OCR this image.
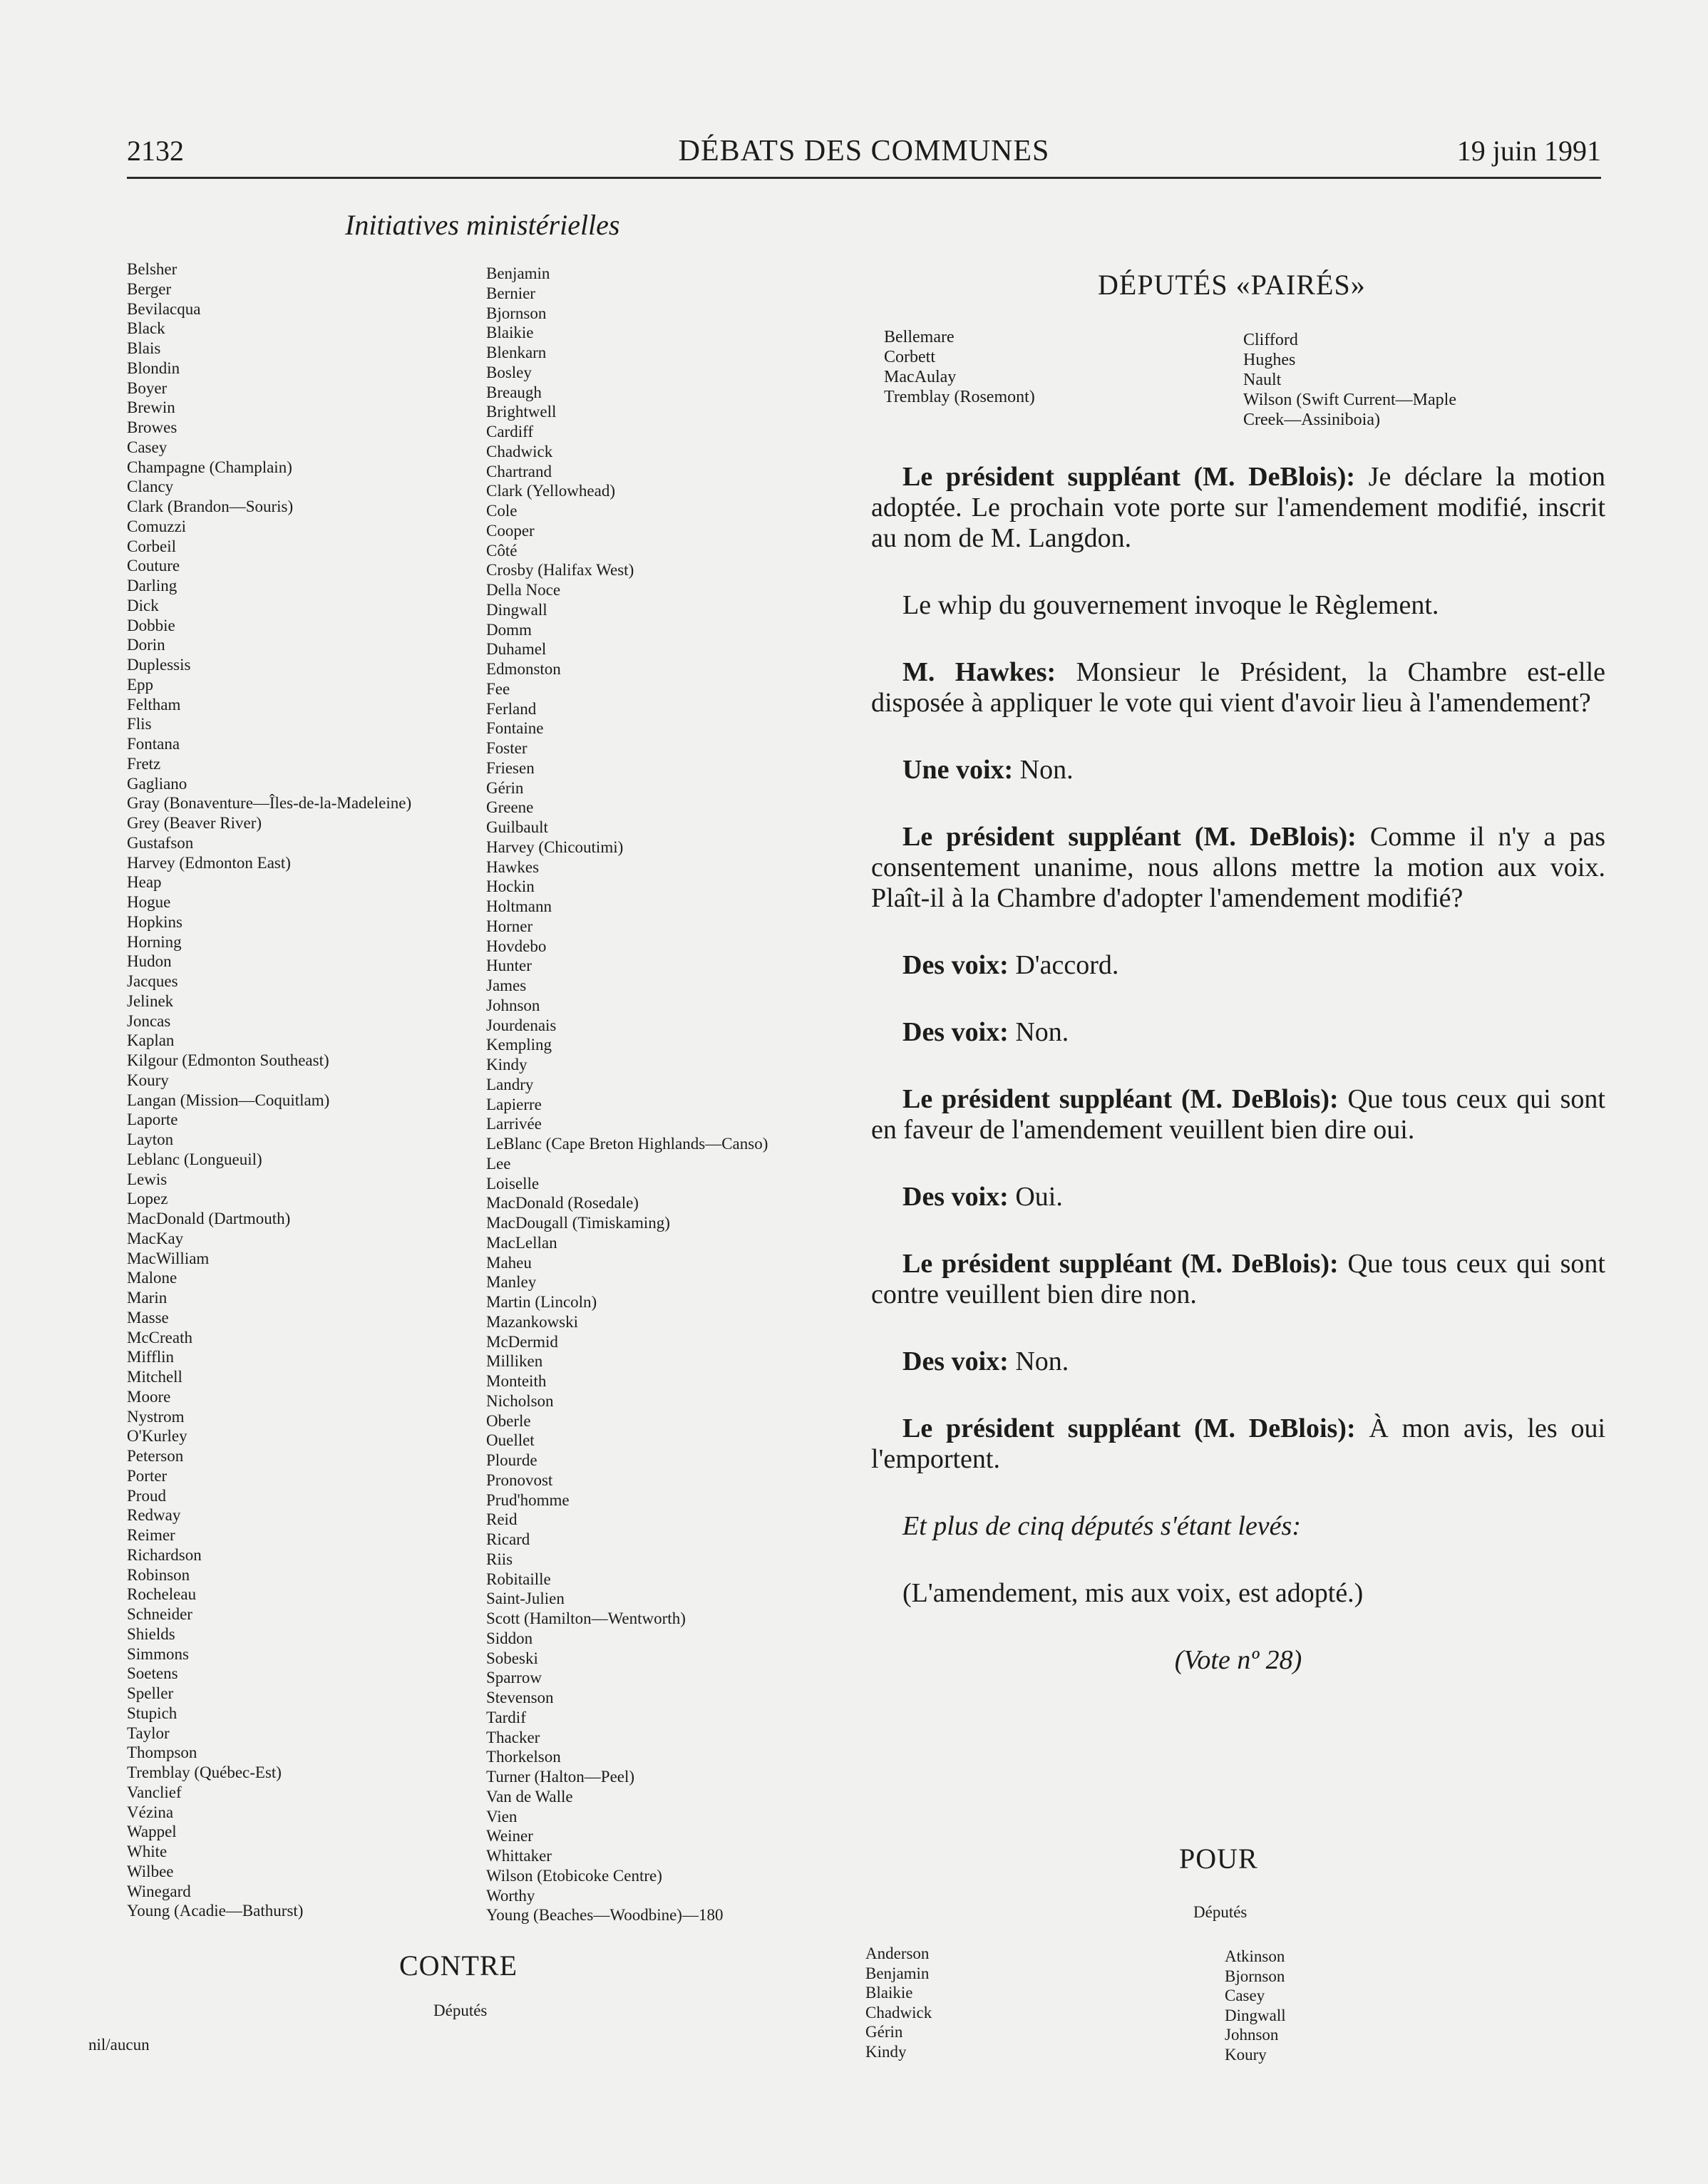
2132	DÉBATS DES COMMUNES	19 juin 1991
Initiatives ministérielles
Belsher
Berger
Bevilacqua
Black
Blais
Blondin
Boyer
Brewin
Browes
Casey
Champagne (Champlain)
Clancy
Clark (Brandon—Souris)
Comuzzi
Corbeil
Couture
Darling
Dick
Dobbie
Dorin
Duplessis
Epp
Feltham
Flis
Fontana
Fretz
Gagliano
Gray (Bonaventure—Îles-de-la-Madeleine)
Grey (Beaver River)
Gustafson
Harvey (Edmonton East)
Heap
Hogue
Hopkins
Horning
Hudon
Jacques
Jelinek
Joncas
Kaplan
Kilgour (Edmonton Southeast)
Koury
Langan (Mission—Coquitlam)
Laporte
Layton
Leblanc (Longueuil)
Lewis
Lopez
MacDonald (Dartmouth)
MacKay
MacWilliam
Malone
Marin
Masse
McCreath
Mifflin
Mitchell
Moore
Nystrom
O'Kurley
Peterson
Porter
Proud
Redway
Reimer
Richardson
Robinson
Rocheleau
Schneider
Shields
Simmons
Soetens
Speller
Stupich
Taylor
Thompson
Tremblay (Québec-Est)
Vanclief
Vézina
Wappel
White
Wilbee
Winegard
Young (Acadie—Bathurst)
Benjamin
Bernier
Bjornson
Blaikie
Blenkarn
Bosley
Breaugh
Brightwell
Cardiff
Chadwick
Chartrand
Clark (Yellowhead)
Cole
Cooper
Côté
Crosby (Halifax West)
Della Noce
Dingwall
Domm
Duhamel
Edmonston
Fee
Ferland
Fontaine
Foster
Friesen
Gérin
Greene
Guilbault
Harvey (Chicoutimi)
Hawkes
Hockin
Holtmann
Horner
Hovdebo
Hunter
James
Johnson
Jourdenais
Kempling
Kindy
Landry
Lapierre
Larrivée
LeBlanc (Cape Breton Highlands—Canso)
Lee
Loiselle
MacDonald (Rosedale)
MacDougall (Timiskaming)
MacLellan
Maheu
Manley
Martin (Lincoln)
Mazankowski
McDermid
Milliken
Monteith
Nicholson
Oberle
Ouellet
Plourde
Pronovost
Prud'homme
Reid
Ricard
Riis
Robitaille
Saint-Julien
Scott (Hamilton—Wentworth)
Siddon
Sobeski
Sparrow
Stevenson
Tardif
Thacker
Thorkelson
Turner (Halton—Peel)
Van de Walle
Vien
Weiner
Whittaker
Wilson (Etobicoke Centre)
Worthy
Young (Beaches—Woodbine)—180
CONTRE
Députés
nil/aucun
DÉPUTÉS «PAIRÉS»
Bellemare
Corbett
MacAulay
Tremblay (Rosemont)
Clifford
Hughes
Nault
Wilson (Swift Current—Maple
Creek—Assiniboia)

Le président suppléant (M. DeBlois): Je déclare la motion adoptée. Le prochain vote porte sur l'amendement modifié, inscrit au nom de M. Langdon.

Le whip du gouvernement invoque le Règlement.

M. Hawkes: Monsieur le Président, la Chambre est-elle disposée à appliquer le vote qui vient d'avoir lieu à l'amendement?

Une voix: Non.

Le président suppléant (M. DeBlois): Comme il n'y a pas consentement unanime, nous allons mettre la motion aux voix. Plaît-il à la Chambre d'adopter l'amendement modifié?

Des voix: D'accord.

Des voix: Non.

Le président suppléant (M. DeBlois): Que tous ceux qui sont en faveur de l'amendement veuillent bien dire oui.

Des voix: Oui.

Le président suppléant (M. DeBlois): Que tous ceux qui sont contre veuillent bien dire non.

Des voix: Non.

Le président suppléant (M. DeBlois): À mon avis, les oui l'emportent.

Et plus de cinq députés s'étant levés:

(L'amendement, mis aux voix, est adopté.)

(Vote nº 28)

POUR
Députés
Anderson
Benjamin
Blaikie
Chadwick
Gérin
Kindy
Atkinson
Bjornson
Casey
Dingwall
Johnson
Koury
